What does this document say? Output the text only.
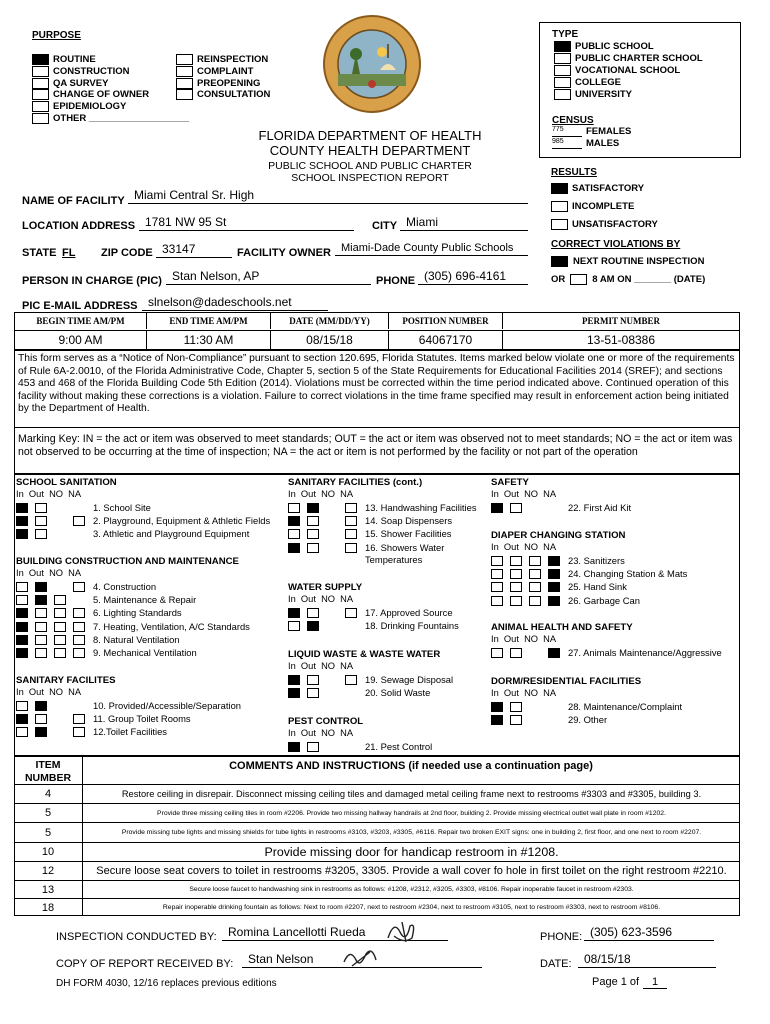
PURPOSE
ROUTINE
CONSTRUCTION
QA SURVEY
CHANGE OF OWNER
EPIDEMIOLOGY
OTHER ___________________
REINSPECTION
COMPLAINT
PREOPENING
CONSULTATION
FLORIDA DEPARTMENT OF HEALTH
COUNTY HEALTH DEPARTMENT
PUBLIC SCHOOL AND PUBLIC CHARTER
SCHOOL INSPECTION REPORT
TYPE
PUBLIC SCHOOL
PUBLIC CHARTER SCHOOL
VOCATIONAL SCHOOL
COLLEGE
UNIVERSITY
CENSUS
775	FEMALES
985	MALES
RESULTS
SATISFACTORY
INCOMPLETE
UNSATISFACTORY
CORRECT VIOLATIONS BY
NEXT ROUTINE INSPECTION
OR	8 AM ON _______ (DATE)
NAME OF FACILITY Miami Central Sr. High
LOCATION ADDRESS 1781 NW 95 St	CITY Miami
STATE FL ZIP CODE 33147	FACILITY OWNER Miami-Dade County Public Schools
PERSON IN CHARGE (PIC) Stan Nelson, AP	PHONE (305) 696-4161
PIC E-MAIL ADDRESS slnelson@dadeschools.net
BEGIN TIME AM/PM	END TIME AM/PM	DATE (MM/DD/YY)	POSITION NUMBER	PERMIT NUMBER
9:00 AM	11:30 AM	08/15/18	64067170	13-51-08386
This form serves as a “Notice of Non-Compliance” pursuant to section 120.695, Florida Statutes. Items marked below violate one or more of the requirements of Rule 6A-2.0010, of the Florida Administrative Code, Chapter 5, section 5 of the State Requirements for Educational Facilities 2014 (SREF); and sections 453 and 468 of the Florida Building Code 5th Edition (2014). Violations must be corrected within the time period indicated above. Continued operation of this facility without making these corrections is a violation. Failure to correct violations in the time frame specified may result in enforcement action being initiated by the Department of Health.
Marking Key: IN = the act or item was observed to meet standards; OUT = the act or item was observed not to meet standards; NO = the act or item was not observed to be occurring at the time of inspection; NA = the act or item is not performed by the facility or not part of the operation
SCHOOL SANITATION
In  Out  NO  NA
1. School Site
2. Playground, Equipment & Athletic Fields
3. Athletic and Playground Equipment
BUILDING CONSTRUCTION AND MAINTENANCE
In  Out  NO  NA
4. Construction
5. Maintenance & Repair
6. Lighting Standards
7. Heating, Ventilation, A/C Standards
8. Natural Ventilation
9. Mechanical Ventilation
SANITARY FACILITES
In  Out  NO  NA
10. Provided/Accessible/Separation
11. Group Toilet Rooms
12.Toilet Facilities
SANITARY FACILITIES (cont.)
In  Out  NO  NA
13. Handwashing Facilities
14. Soap Dispensers
15. Shower Facilities
16. Showers Water Temperatures
WATER SUPPLY
In  Out  NO  NA
17. Approved Source
18. Drinking Fountains
LIQUID WASTE & WASTE WATER
In  Out  NO  NA
19. Sewage Disposal
20. Solid Waste
PEST CONTROL
In  Out  NO  NA
21. Pest Control
SAFETY
In  Out  NO  NA
22. First Aid Kit
DIAPER CHANGING STATION
In  Out  NO  NA
23. Sanitizers
24. Changing Station & Mats
25. Hand Sink
26. Garbage Can
ANIMAL HEALTH AND SAFETY
In  Out  NO  NA
27. Animals Maintenance/Aggressive
DORM/RESIDENTIAL FACILITIES
In  Out  NO  NA
28. Maintenance/Complaint
29. Other
ITEM NUMBER
COMMENTS AND INSTRUCTIONS (if needed use a continuation page)
4	Restore ceiling in disrepair. Disconnect missing ceiling tiles and damaged metal ceiling frame next to restrooms #3303 and #3305, building 3.
5	Provide three missing ceiling tiles in room #2206. Provide two missing hallway handrails at 2nd floor, building 2. Provide missing electrical outlet wall plate in room #1202.
5	Provide missing tube lights and missing shields for tube lights in restrooms #3103, #3203, #3305, #6116. Repair two broken EXIT signs: one in building 2, first floor, and one next to room #2207.
10	Provide missing door for handicap restroom in #1208.
12	Secure loose seat covers to toilet in restrooms #3205, 3305. Provide a wall cover fo hole in first toilet on the right restroom #2210.
13	Secure loose faucet to handwashing sink in restrooms as follows: #1208, #2312, #3205, #3303, #8106. Repair inoperable faucet in restroom #2303.
18	Repair inoperable drinking fountain as follows: Next to room #2207, next to restroom #2304, next to restroom #3105, next to restroom #3303, next to restroom #8106.
INSPECTION CONDUCTED BY: Romina Lancellotti Rueda	PHONE: (305) 623-3596
COPY OF REPORT RECEIVED BY:	Stan Nelson	DATE:	08/15/18
DH FORM 4030, 12/16 replaces previous editions	Page 1 of	1
